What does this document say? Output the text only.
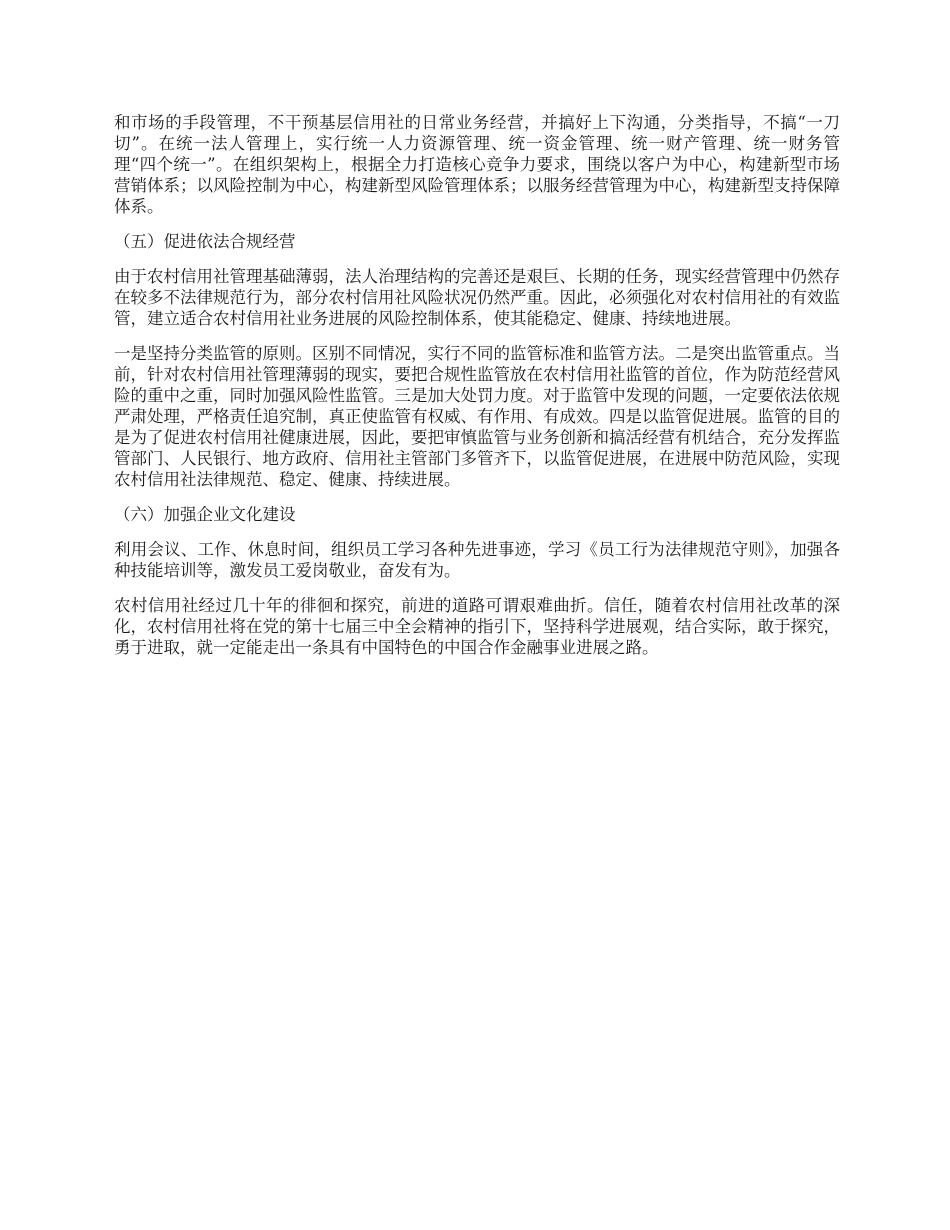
和市场的手段管理，不干预基层信用社的日常业务经营，并搞好上下沟通，分类指导，不搞“一刀切”。在统一法人管理上，实行统一人力资源管理、统一资金管理、统一财产管理、统一财务管理“四个统一”。在组织架构上，根据全力打造核心竞争力要求，围绕以客户为中心，构建新型市场营销体系；以风险控制为中心，构建新型风险管理体系；以服务经营管理为中心，构建新型支持保障体系。

（五）促进依法合规经营

由于农村信用社管理基础薄弱，法人治理结构的完善还是艰巨、长期的任务，现实经营管理中仍然存在较多不法律规范行为，部分农村信用社风险状况仍然严重。因此，必须强化对农村信用社的有效监管，建立适合农村信用社业务进展的风险控制体系，使其能稳定、健康、持续地进展。

一是坚持分类监管的原则。区别不同情况，实行不同的监管标准和监管方法。二是突出监管重点。当前，针对农村信用社管理薄弱的现实，要把合规性监管放在农村信用社监管的首位，作为防范经营风险的重中之重，同时加强风险性监管。三是加大处罚力度。对于监管中发现的问题，一定要依法依规严肃处理，严格责任追究制，真正使监管有权威、有作用、有成效。四是以监管促进展。监管的目的是为了促进农村信用社健康进展，因此，要把审慎监管与业务创新和搞活经营有机结合，充分发挥监管部门、人民银行、地方政府、信用社主管部门多管齐下，以监管促进展，在进展中防范风险，实现农村信用社法律规范、稳定、健康、持续进展。

（六）加强企业文化建设

利用会议、工作、休息时间，组织员工学习各种先进事迹，学习《员工行为法律规范守则》，加强各种技能培训等，激发员工爱岗敬业，奋发有为。

农村信用社经过几十年的徘徊和探究，前进的道路可谓艰难曲折。信任，随着农村信用社改革的深化，农村信用社将在党的第十七届三中全会精神的指引下，坚持科学进展观，结合实际，敢于探究，勇于进取，就一定能走出一条具有中国特色的中国合作金融事业进展之路。
